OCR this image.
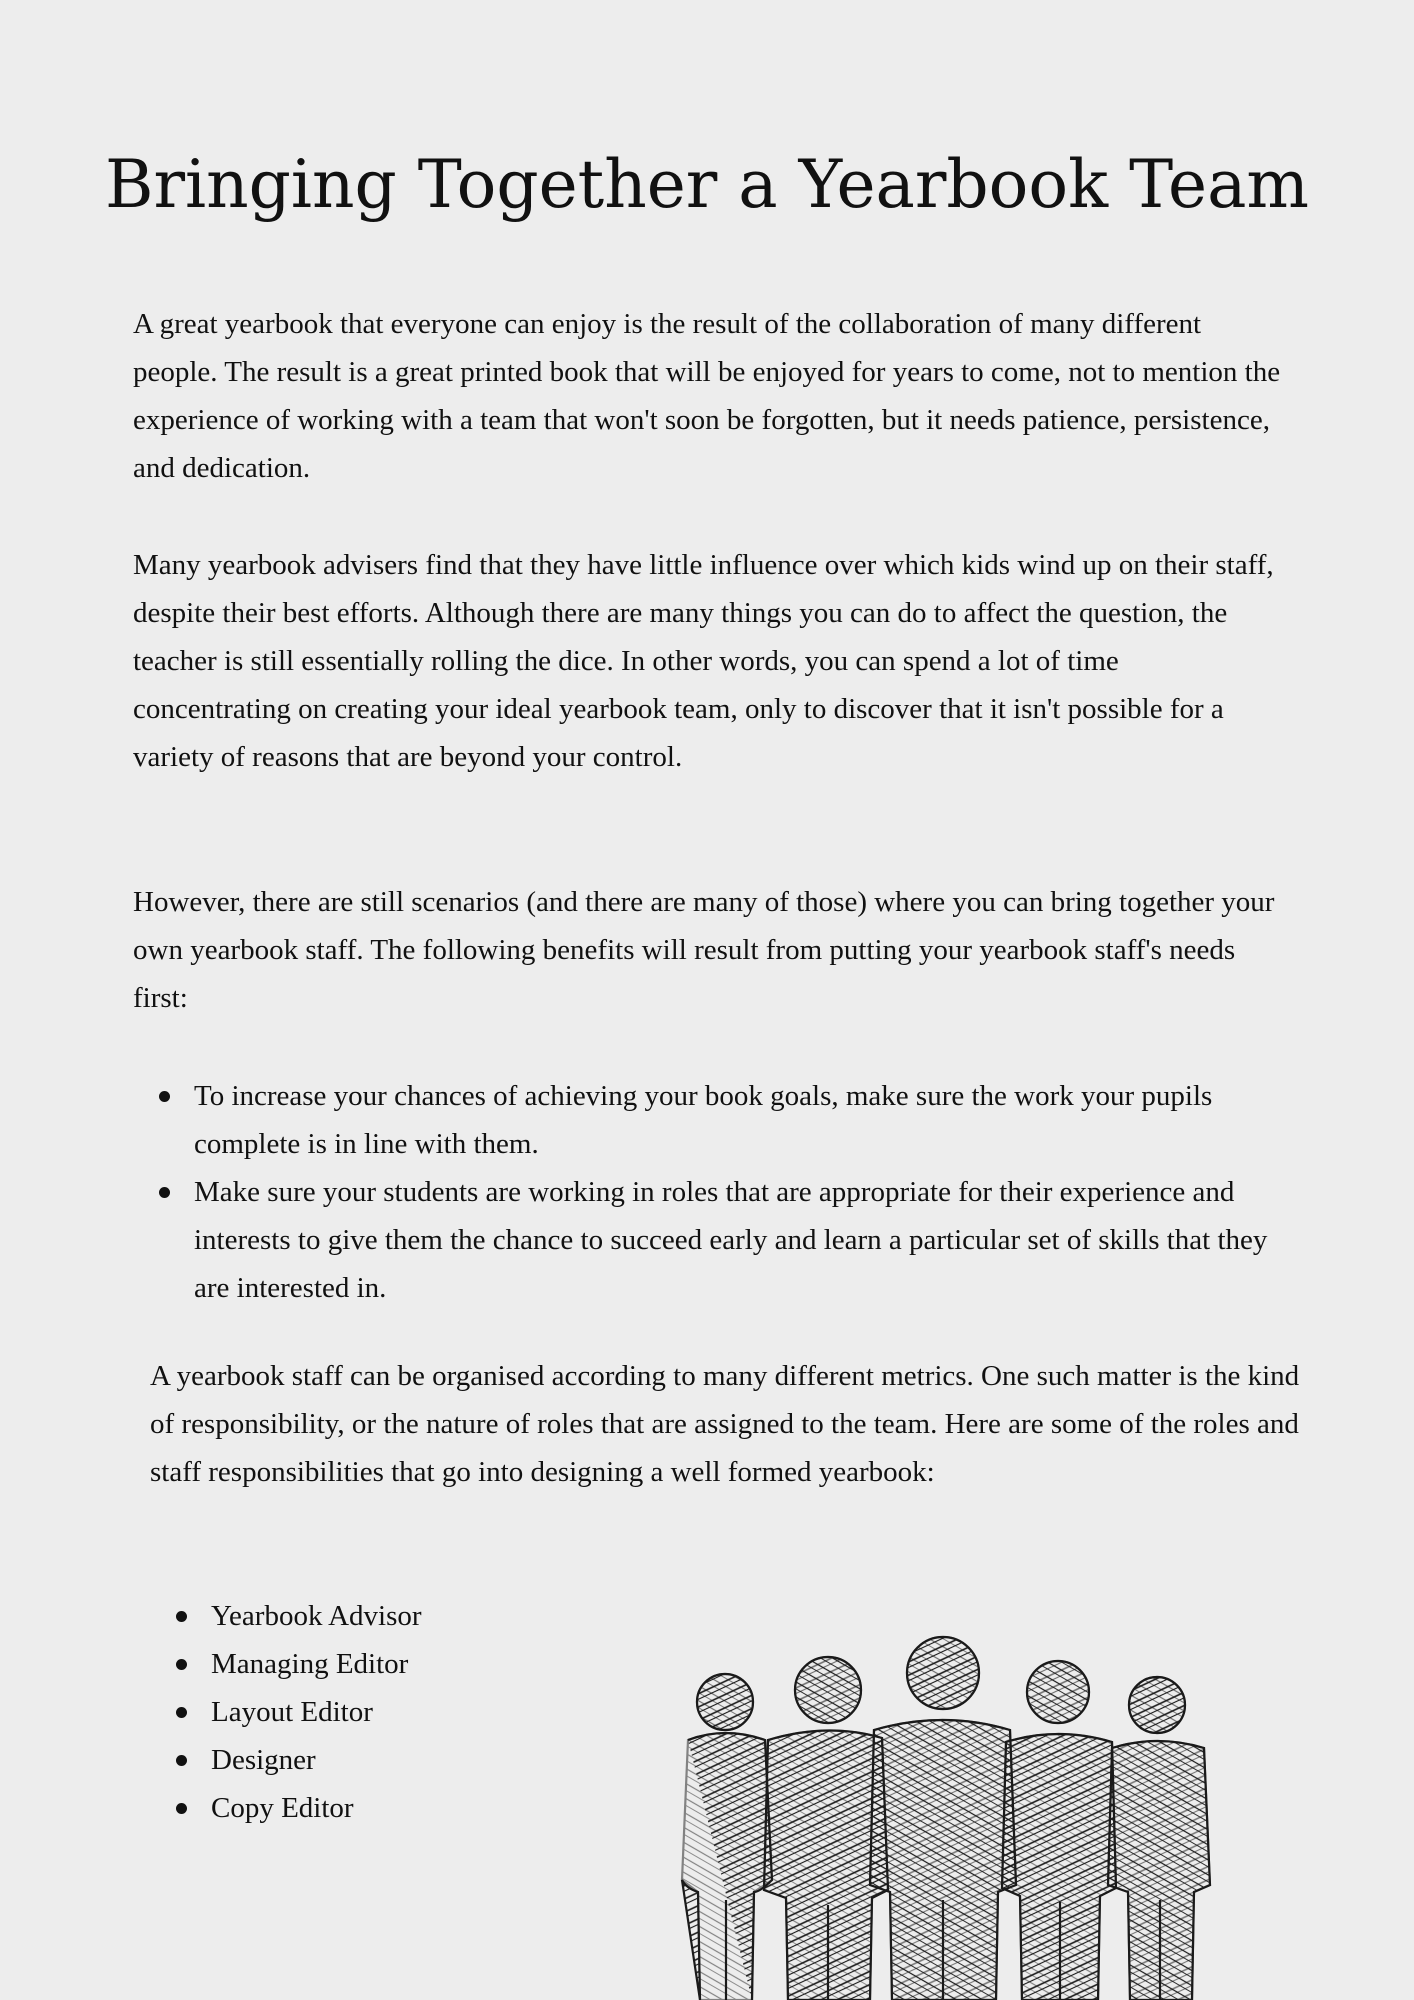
Bringing Together a Yearbook Team

A great yearbook that everyone can enjoy is the result of the collaboration of many different people. The result is a great printed book that will be enjoyed for years to come, not to mention the experience of working with a team that won't soon be forgotten, but it needs patience, persistence, and dedication.

Many yearbook advisers find that they have little influence over which kids wind up on their staff, despite their best efforts. Although there are many things you can do to affect the question, the teacher is still essentially rolling the dice. In other words, you can spend a lot of time concentrating on creating your ideal yearbook team, only to discover that it isn't possible for a variety of reasons that are beyond your control.

However, there are still scenarios (and there are many of those) where you can bring together your own yearbook staff. The following benefits will result from putting your yearbook staff's needs first:

To increase your chances of achieving your book goals, make sure the work your pupils complete is in line with them.
Make sure your students are working in roles that are appropriate for their experience and interests to give them the chance to succeed early and learn a particular set of skills that they are interested in.

A yearbook staff can be organised according to many different metrics. One such matter is the kind of responsibility, or the nature of roles that are assigned to the team. Here are some of the roles and staff responsibilities that go into designing a well formed yearbook:

Yearbook Advisor
Managing Editor
Layout Editor
Designer
Copy Editor
